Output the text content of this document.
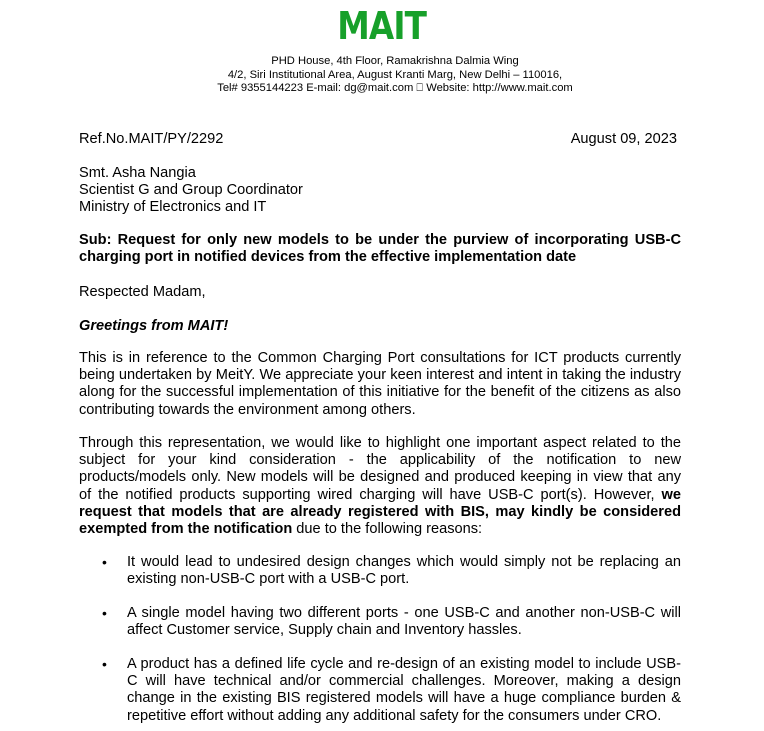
MAIT
PHD House, 4th Floor, Ramakrishna Dalmia Wing
4/2, Siri Institutional Area, August Kranti Marg, New Delhi – 110016,
Tel# 9355144223 E-mail: dg@mait.com ⎕ Website: http://www.mait.com
Ref.No.MAIT/PY/2292	August 09, 2023
Smt. Asha Nangia
Scientist G and Group Coordinator
Ministry of Electronics and IT
Sub: Request for only new models to be under the purview of incorporating USB-C charging port in notified devices from the effective implementation date
Respected Madam,
Greetings from MAIT!
This is in reference to the Common Charging Port consultations for ICT products currently being undertaken by MeitY. We appreciate your keen interest and intent in taking the industry along for the successful implementation of this initiative for the benefit of the citizens as also contributing towards the environment among others.
Through this representation, we would like to highlight one important aspect related to the subject for your kind consideration - the applicability of the notification to new products/models only. New models will be designed and produced keeping in view that any of the notified products supporting wired charging will have USB-C port(s). However, we request that models that are already registered with BIS, may kindly be considered exempted from the notification due to the following reasons:
• It would lead to undesired design changes which would simply not be replacing an existing non-USB-C port with a USB-C port.
• A single model having two different ports - one USB-C and another non-USB-C will affect Customer service, Supply chain and Inventory hassles.
• A product has a defined life cycle and re-design of an existing model to include USB-C will have technical and/or commercial challenges. Moreover, making a design change in the existing BIS registered models will have a huge compliance burden & repetitive effort without adding any additional safety for the consumers under CRO.
